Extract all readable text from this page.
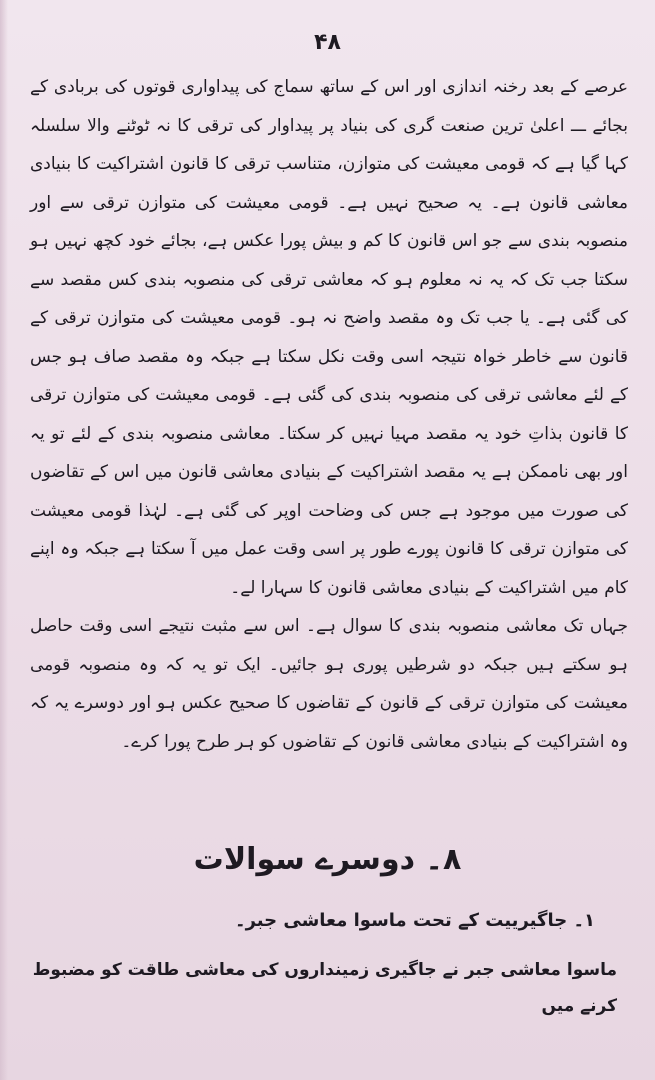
۴۸

عرصے کے بعد رخنہ اندازی اور اس کے ساتھ سماج کی پیداواری قوتوں کی بربادی کے بجائے ـــ اعلیٰ ترین صنعت گری کی بنیاد پر پیداوار کی ترقی کا نہ ٹوٹنے والا سلسلہ کہا گیا ہے کہ قومی معیشت کی متوازن، متناسب ترقی کا قانون اشتراکیت کا بنیادی معاشی قانون ہے۔ یہ صحیح نہیں ہے۔ قومی معیشت کی متوازن ترقی سے اور منصوبہ بندی سے جو اس قانون کا کم و بیش پورا عکس ہے، بجائے خود کچھ نہیں ہو سکتا جب تک کہ یہ نہ معلوم ہو کہ معاشی ترقی کی منصوبہ بندی کس مقصد سے کی گئی ہے۔ یا جب تک وہ مقصد واضح نہ ہو۔ قومی معیشت کی متوازن ترقی کے قانون سے خاطر خواہ نتیجہ اسی وقت نکل سکتا ہے جبکہ وہ مقصد صاف ہو جس کے لئے معاشی ترقی کی منصوبہ بندی کی گئی ہے۔ قومی معیشت کی متوازن ترقی کا قانون بذاتِ خود یہ مقصد مہیا نہیں کر سکتا۔ معاشی منصوبہ بندی کے لئے تو یہ اور بھی ناممکن ہے یہ مقصد اشتراکیت کے بنیادی معاشی قانون میں اس کے تقاضوں کی صورت میں موجود ہے جس کی وضاحت اوپر کی گئی ہے۔ لہٰذا قومی معیشت کی متوازن ترقی کا قانون پورے طور پر اسی وقت عمل میں آ سکتا ہے جبکہ وہ اپنے کام میں اشتراکیت کے بنیادی معاشی قانون کا سہارا لے۔

جہاں تک معاشی منصوبہ بندی کا سوال ہے۔ اس سے مثبت نتیجے اسی وقت حاصل ہو سکتے ہیں جبکہ دو شرطیں پوری ہو جائیں۔ ایک تو یہ کہ وہ منصوبہ قومی معیشت کی متوازن ترقی کے قانون کے تقاضوں کا صحیح عکس ہو اور دوسرے یہ کہ وہ اشتراکیت کے بنیادی معاشی قانون کے تقاضوں کو ہر طرح پورا کرے۔

۸۔ دوسرے سوالات
۱۔ جاگیرییت کے تحت ماسوا معاشی جبر۔
ماسوا معاشی جبر نے جاگیری زمینداروں کی معاشی طاقت کو مضبوط کرنے میں
